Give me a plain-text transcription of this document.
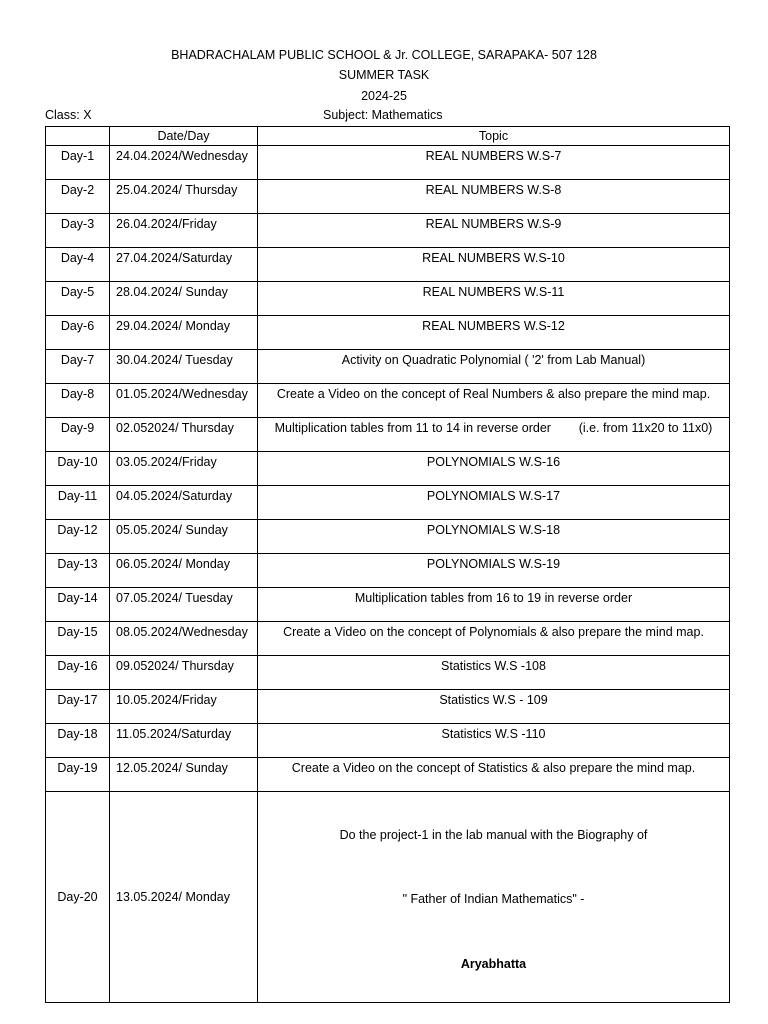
BHADRACHALAM PUBLIC SCHOOL & Jr. COLLEGE, SARAPAKA- 507 128
SUMMER TASK
2024-25
Class: X	Subject: Mathematics
	Date/Day	Topic
Day-1	24.04.2024/Wednesday	REAL NUMBERS W.S-7
Day-2	25.04.2024/ Thursday	REAL NUMBERS W.S-8
Day-3	26.04.2024/Friday	REAL NUMBERS W.S-9
Day-4	27.04.2024/Saturday	REAL NUMBERS W.S-10
Day-5	28.04.2024/ Sunday	REAL NUMBERS W.S-11
Day-6	29.04.2024/ Monday	REAL NUMBERS W.S-12
Day-7	30.04.2024/ Tuesday	Activity on Quadratic Polynomial ( '2' from Lab Manual)
Day-8	01.05.2024/Wednesday	Create a Video on the concept of Real Numbers & also prepare the mind map.
Day-9	02.052024/ Thursday	Multiplication tables from 11 to 14 in reverse order        (i.e. from 11x20 to 11x0)
Day-10	03.05.2024/Friday	POLYNOMIALS W.S-16
Day-11	04.05.2024/Saturday	POLYNOMIALS W.S-17
Day-12	05.05.2024/ Sunday	POLYNOMIALS W.S-18
Day-13	06.05.2024/ Monday	POLYNOMIALS W.S-19
Day-14	07.05.2024/ Tuesday	Multiplication tables from 16 to 19 in reverse order
Day-15	08.05.2024/Wednesday	Create a Video on the concept of Polynomials & also prepare the mind map.
Day-16	09.052024/ Thursday	Statistics W.S -108
Day-17	10.05.2024/Friday	Statistics W.S - 109
Day-18	11.05.2024/Saturday	Statistics W.S -110
Day-19	12.05.2024/ Sunday	Create a Video on the concept of Statistics & also prepare the mind map.
Day-20	13.05.2024/ Monday	Do the project-1 in the lab manual with the Biography of

" Father of Indian Mathematics" -

Aryabhatta
